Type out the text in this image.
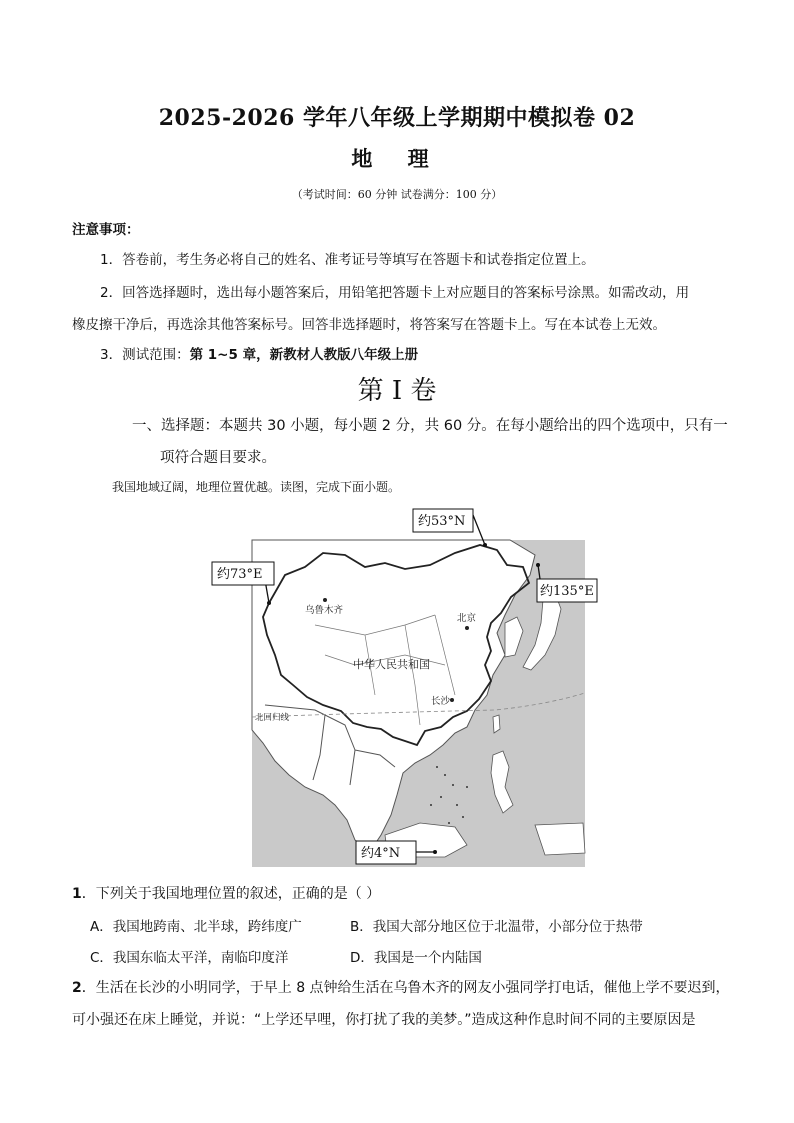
2025-2026 学年八年级上学期期中模拟卷 02
地 理
（考试时间：60 分钟 试卷满分：100 分）
注意事项：
1．答卷前，考生务必将自己的姓名、准考证号等填写在答题卡和试卷指定位置上。
2．回答选择题时，选出每小题答案后，用铅笔把答题卡上对应题目的答案标号涂黑。如需改动，用
橡皮擦干净后，再选涂其他答案标号。回答非选择题时，将答案写在答题卡上。写在本试卷上无效。
3．测试范围：第 1~5 章，新教材人教版八年级上册
第 I 卷
一、选择题：本题共 30 小题，每小题 2 分，共 60 分。在每小题给出的四个选项中，只有一
项符合题目要求。
我国地域辽阔，地理位置优越。读图，完成下面小题。
乌鲁木齐
北京
中华人民共和国
长沙
北回归线
约53°N
约73°E
约135°E
约4°N
1．下列关于我国地理位置的叙述，正确的是（ ）
A．我国地跨南、北半球，跨纬度广	B．我国大部分地区位于北温带，小部分位于热带
C．我国东临太平洋，南临印度洋	D．我国是一个内陆国
2．生活在长沙的小明同学，于早上 8 点钟给生活在乌鲁木齐的网友小强同学打电话，催他上学不要迟到，
可小强还在床上睡觉，并说：“上学还早哩，你打扰了我的美梦。”造成这种作息时间不同的主要原因是
